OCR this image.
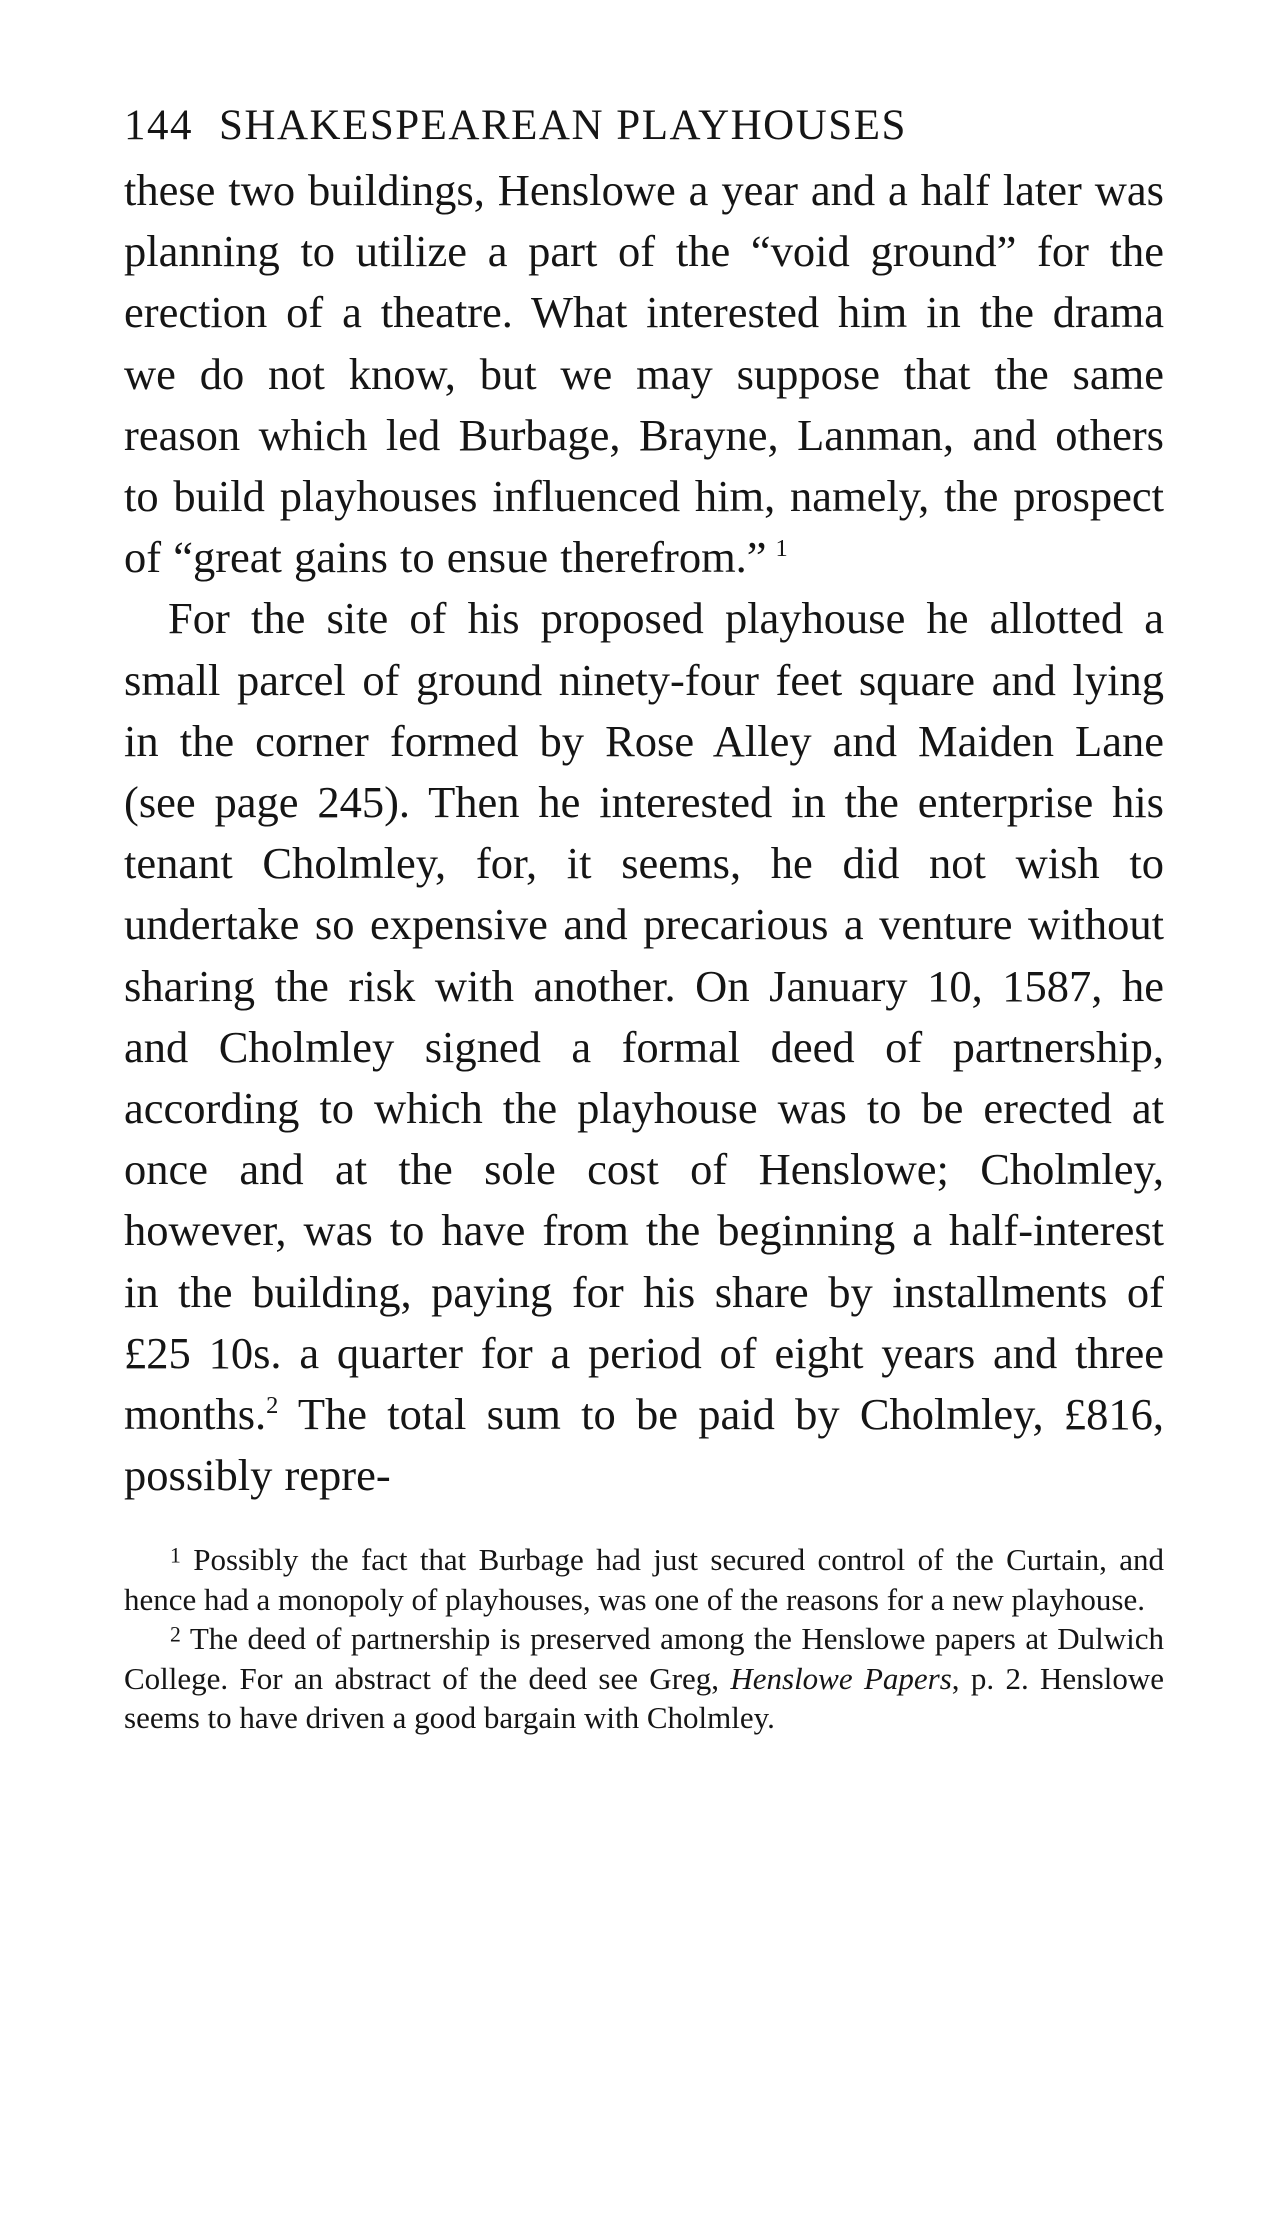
144 SHAKESPEAREAN PLAYHOUSES

these two buildings, Henslowe a year and a half later was planning to utilize a part of the “void ground” for the erection of a theatre. What interested him in the drama we do not know, but we may suppose that the same reason which led Burbage, Brayne, Lanman, and others to build playhouses influenced him, namely, the prospect of “great gains to ensue therefrom.”  $^1$

For the site of his proposed playhouse he allotted a small parcel of ground ninety-four feet square and lying in the corner formed by Rose Alley and Maiden Lane (see page 245). Then he interested in the enterprise his tenant Cholmley, for, it seems, he did not wish to undertake so expensive and precarious a venture without sharing the risk with another. On January 10, 1587, he and Cholmley signed a formal deed of partnership, according to which the playhouse was to be erected at once and at the sole cost of Henslowe; Cholmley, however, was to have from the beginning a half-interest in the building, paying for his share by installments of £25 10s. a quarter for a period of eight years and three months.$^2$ The total sum to be paid by Cholmley, £816, possibly repre-

$^1$ Possibly the fact that Burbage had just secured control of the Curtain, and hence had a monopoly of playhouses, was one of the reasons for a new playhouse.

$^2$ The deed of partnership is preserved among the Henslowe papers at Dulwich College. For an abstract of the deed see Greg, Henslowe Papers, p. 2. Henslowe seems to have driven a good bargain with Cholmley.
